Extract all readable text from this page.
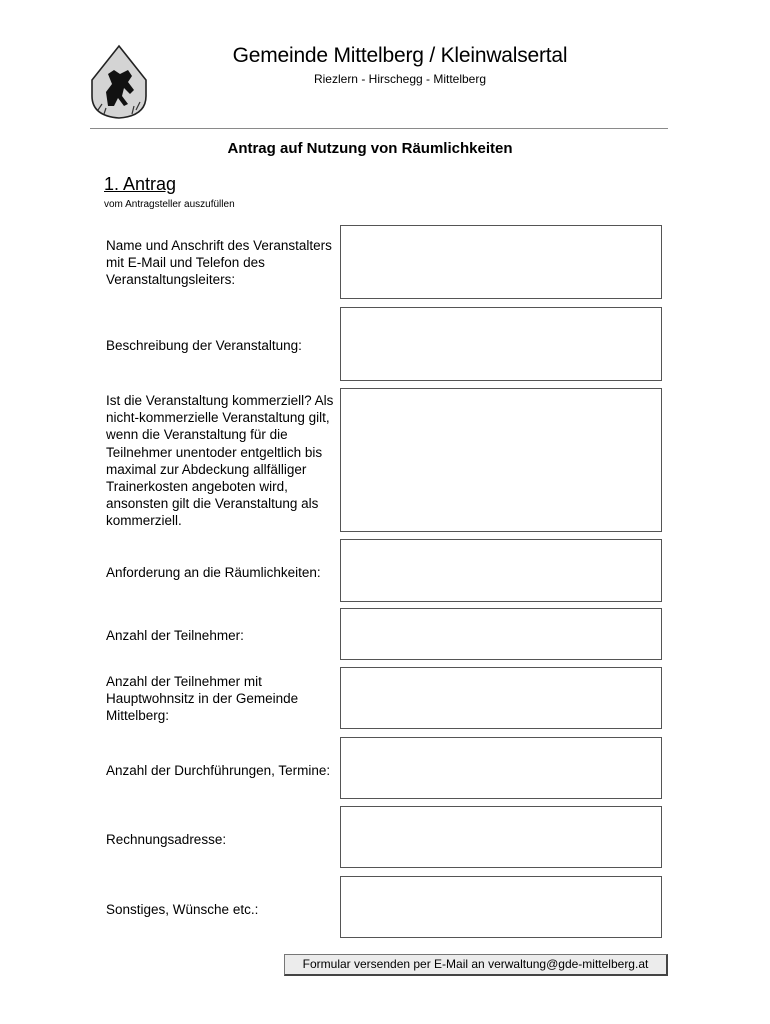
Gemeinde Mittelberg / Kleinwalsertal
Riezlern - Hirschegg - Mittelberg
Antrag auf Nutzung von Räumlichkeiten
1. Antrag
vom Antragsteller auszufüllen
Name und Anschrift des Veranstalters mit E-Mail und Telefon des Veranstaltungsleiters:
Beschreibung der Veranstaltung:
Ist die Veranstaltung kommerziell? Als nicht-kommerzielle Veranstaltung gilt, wenn die Veranstaltung für die Teilnehmer unentoder entgeltlich bis maximal zur Abdeckung allfälliger Trainerkosten angeboten wird, ansonsten gilt die Veranstaltung als kommerziell.
Anforderung an die Räumlichkeiten:
Anzahl der Teilnehmer:
Anzahl der Teilnehmer mit Hauptwohnsitz in der Gemeinde Mittelberg:
Anzahl der Durchführungen, Termine:
Rechnungsadresse:
Sonstiges, Wünsche etc.:
Formular versenden per E-Mail an verwaltung@gde-mittelberg.at
